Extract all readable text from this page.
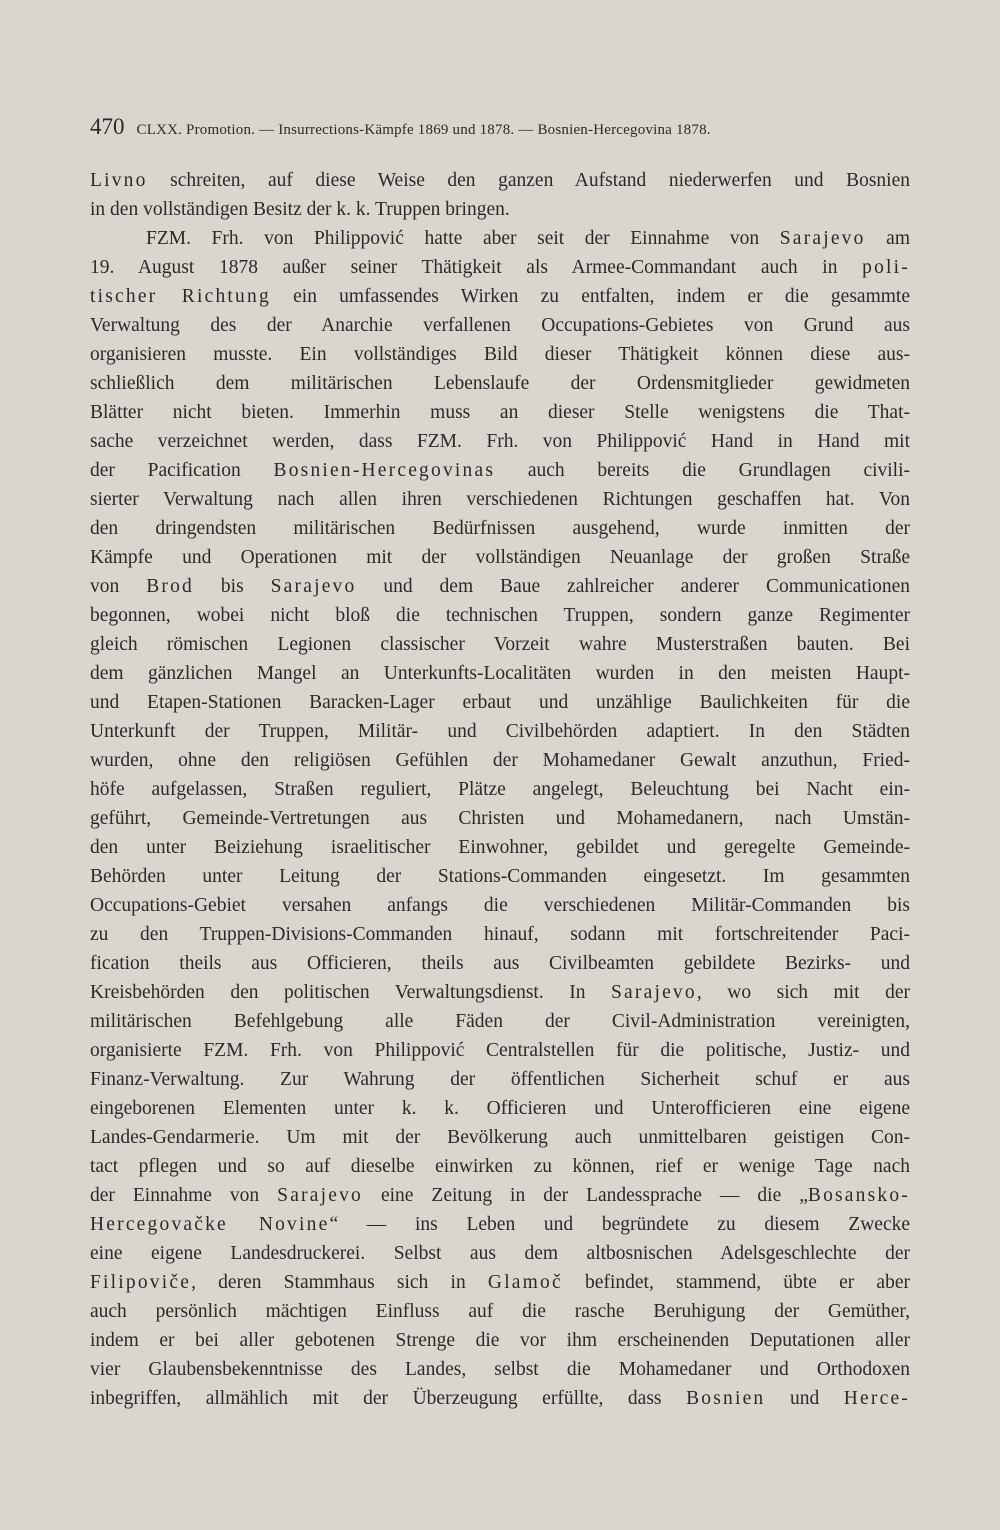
470 CLXX. Promotion. — Insurrections-Kämpfe 1869 und 1878. — Bosnien-Hercegovina 1878.
Livno schreiten, auf diese Weise den ganzen Aufstand niederwerfen und Bosnien
in den vollständigen Besitz der k. k. Truppen bringen.
FZM. Frh. von Philippović hatte aber seit der Einnahme von Sarajevo am
19. August 1878 außer seiner Thätigkeit als Armee-Commandant auch in poli-
tischer Richtung ein umfassendes Wirken zu entfalten, indem er die gesammte
Verwaltung des der Anarchie verfallenen Occupations-Gebietes von Grund aus
organisieren musste. Ein vollständiges Bild dieser Thätigkeit können diese aus-
schließlich dem militärischen Lebenslaufe der Ordensmitglieder gewidmeten
Blätter nicht bieten. Immerhin muss an dieser Stelle wenigstens die That-
sache verzeichnet werden, dass FZM. Frh. von Philippović Hand in Hand mit
der Pacification Bosnien-Hercegovinas auch bereits die Grundlagen civili-
sierter Verwaltung nach allen ihren verschiedenen Richtungen geschaffen hat. Von
den dringendsten militärischen Bedürfnissen ausgehend, wurde inmitten der
Kämpfe und Operationen mit der vollständigen Neuanlage der großen Straße
von Brod bis Sarajevo und dem Baue zahlreicher anderer Communicationen
begonnen, wobei nicht bloß die technischen Truppen, sondern ganze Regimenter
gleich römischen Legionen classischer Vorzeit wahre Musterstraßen bauten. Bei
dem gänzlichen Mangel an Unterkunfts-Localitäten wurden in den meisten Haupt-
und Etapen-Stationen Baracken-Lager erbaut und unzählige Baulichkeiten für die
Unterkunft der Truppen, Militär- und Civilbehörden adaptiert. In den Städten
wurden, ohne den religiösen Gefühlen der Mohamedaner Gewalt anzuthun, Fried-
höfe aufgelassen, Straßen reguliert, Plätze angelegt, Beleuchtung bei Nacht ein-
geführt, Gemeinde-Vertretungen aus Christen und Mohamedanern, nach Umstän-
den unter Beiziehung israelitischer Einwohner, gebildet und geregelte Gemeinde-
Behörden unter Leitung der Stations-Commanden eingesetzt. Im gesammten
Occupations-Gebiet versahen anfangs die verschiedenen Militär-Commanden bis
zu den Truppen-Divisions-Commanden hinauf, sodann mit fortschreitender Paci-
fication theils aus Officieren, theils aus Civilbeamten gebildete Bezirks- und
Kreisbehörden den politischen Verwaltungsdienst. In Sarajevo, wo sich mit der
militärischen Befehlgebung alle Fäden der Civil-Administration vereinigten,
organisierte FZM. Frh. von Philippović Centralstellen für die politische, Justiz- und
Finanz-Verwaltung. Zur Wahrung der öffentlichen Sicherheit schuf er aus
eingeborenen Elementen unter k. k. Officieren und Unterofficieren eine eigene
Landes-Gendarmerie. Um mit der Bevölkerung auch unmittelbaren geistigen Con-
tact pflegen und so auf dieselbe einwirken zu können, rief er wenige Tage nach
der Einnahme von Sarajevo eine Zeitung in der Landessprache — die „Bosansko-
Hercegovačke Novine“ — ins Leben und begründete zu diesem Zwecke
eine eigene Landesdruckerei. Selbst aus dem altbosnischen Adelsgeschlechte der
Filipoviče, deren Stammhaus sich in Glamoč befindet, stammend, übte er aber
auch persönlich mächtigen Einfluss auf die rasche Beruhigung der Gemüther,
indem er bei aller gebotenen Strenge die vor ihm erscheinenden Deputationen aller
vier Glaubensbekenntnisse des Landes, selbst die Mohamedaner und Orthodoxen
inbegriffen, allmählich mit der Überzeugung erfüllte, dass Bosnien und Herce-
